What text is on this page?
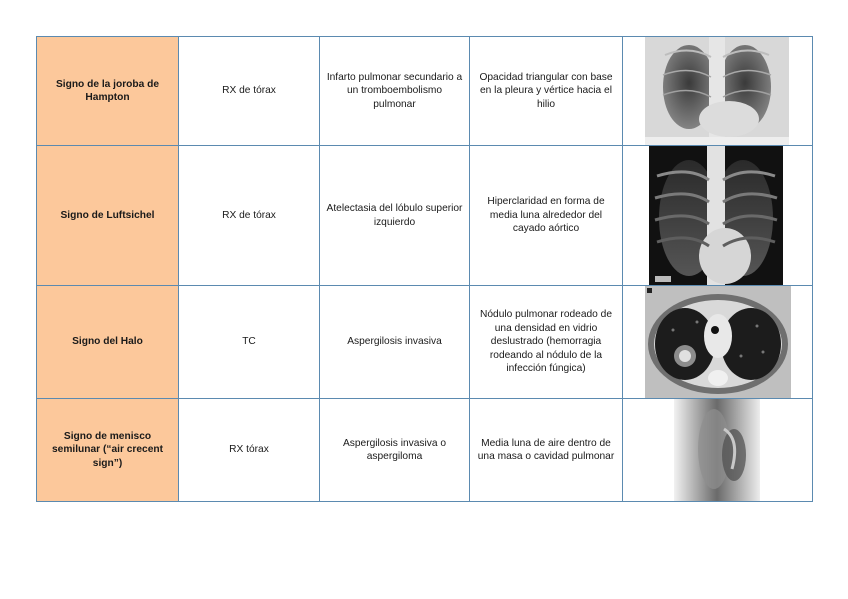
Signo de la joroba de Hampton	RX de tórax	Infarto pulmonar secundario a un tromboembolismo pulmonar	Opacidad triangular con base en la pleura y vértice hacia el hilio	

Signo de Luftsichel	RX de tórax	Atelectasia del lóbulo superior izquierdo	Hiperclaridad en forma de media luna alrededor del cayado aórtico	

Signo del Halo	TC	Aspergilosis invasiva	Nódulo pulmonar rodeado de una densidad en vidrio deslustrado (hemorragia rodeando al nódulo de la infección fúngica)	

Signo de menisco semilunar (“air crecent sign”)	RX tórax	Aspergilosis invasiva o aspergiloma	Media luna de aire dentro de una masa o cavidad pulmonar	
